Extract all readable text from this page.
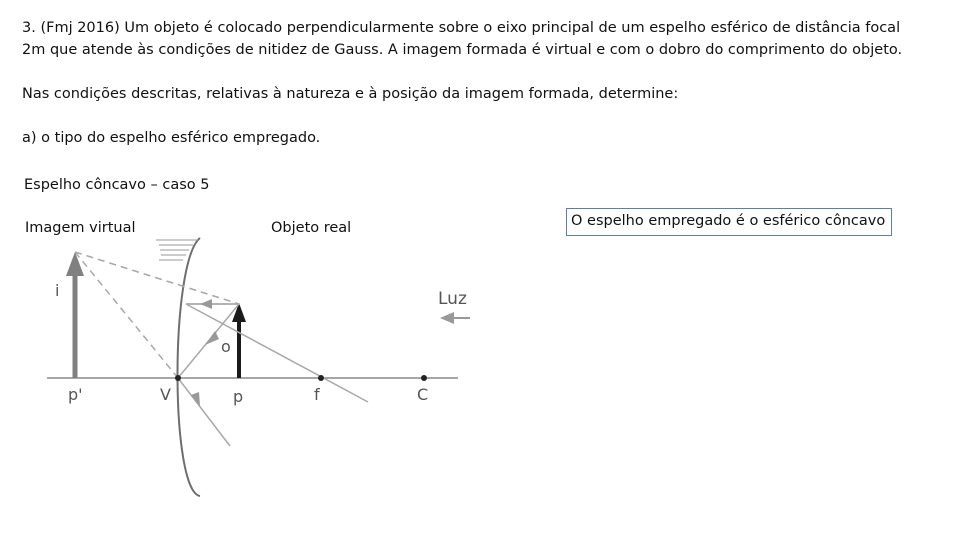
3. (Fmj 2016) Um objeto é colocado perpendicularmente sobre o eixo principal de um espelho esférico de distância focal
2m que atende às condições de nitidez de Gauss. A imagem formada é virtual e com o dobro do comprimento do objeto.
Nas condições descritas, relativas à natureza e à posição da imagem formada, determine:
a) o tipo do espelho esférico empregado.
Espelho côncavo – caso 5
Imagem virtual	Objeto real	O espelho empregado é o esférico côncavo
i
o
p'	V	p	f	C
Luz
